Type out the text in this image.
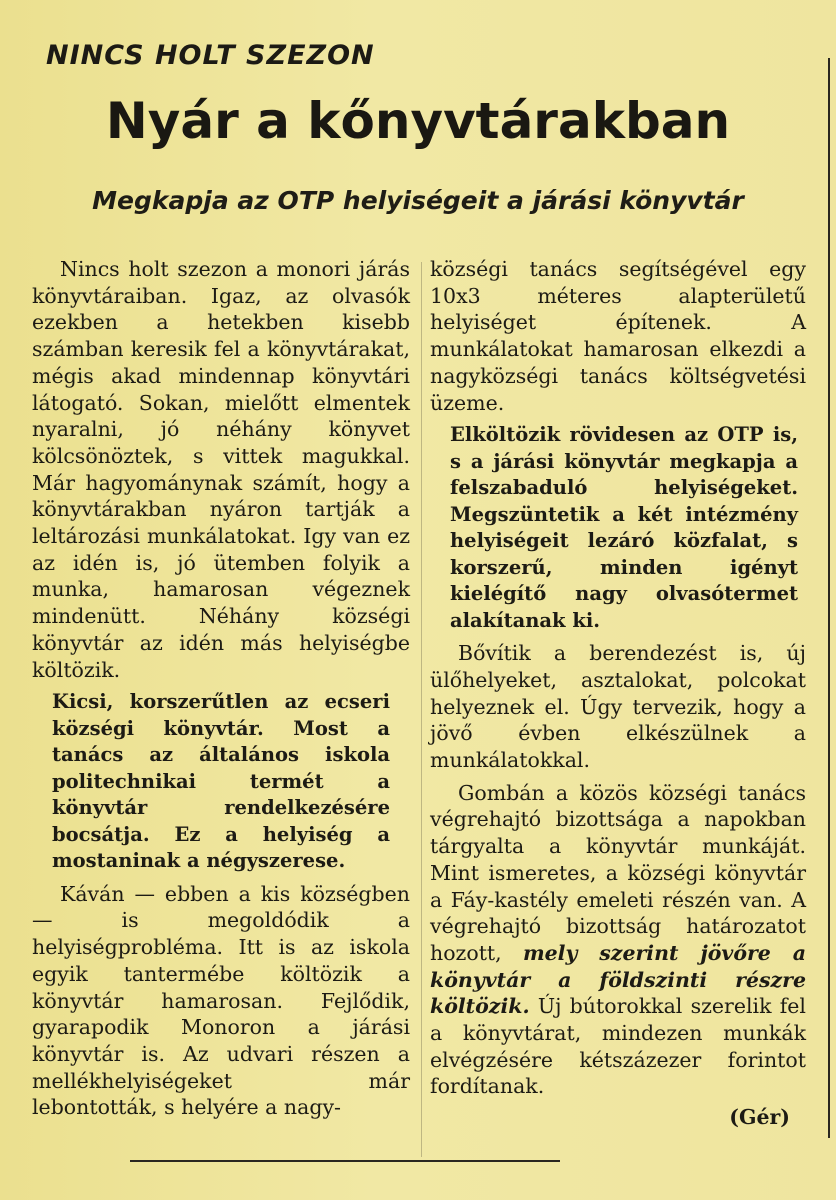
NINCS HOLT SZEZON
Nyár a kőnyvtárakban
Megkapja az OTP helyiségeit a járási könyvtár

Nincs holt szezon a monori járás könyvtáraiban. Igaz, az olvasók ezekben a hetekben kisebb számban keresik fel a könyvtárakat, mégis akad mindennap könyvtári látogató. Sokan, mielőtt elmentek nyaralni, jó néhány könyvet kölcsönöztek, s vittek magukkal. Már hagyománynak számít, hogy a könyvtárakban nyáron tartják a leltározási munkálatokat. Igy van ez az idén is, jó ütemben folyik a munka, hamarosan végeznek mindenütt. Néhány községi könyvtár az idén más helyiségbe költözik.

Kicsi, korszerűtlen az ecseri községi könyvtár. Most a tanács az általános iskola politechnikai termét a könyvtár rendelkezésére bocsátja. Ez a helyiség a mostaninak a négyszerese.

Káván — ebben a kis községben — is megoldódik a helyiségprobléma. Itt is az iskola egyik tantermébe költözik a könyvtár hamarosan. Fejlődik, gyarapodik Monoron a járási könyvtár is. Az udvari részen a mellékhelyiségeket már lebontották, s helyére a nagy-

községi tanács segítségével egy 10x3 méteres alapterületű helyiséget építenek. A munkálatokat hamarosan elkezdi a nagyközségi tanács költségvetési üzeme.

Elköltözik rövidesen az OTP is, s a járási könyvtár megkapja a felszabaduló helyiségeket. Megszüntetik a két intézmény helyiségeit lezáró közfalat, s korszerű, minden igényt kielégítő nagy olvasótermet alakítanak ki.

Bővítik a berendezést is, új ülőhelyeket, asztalokat, polcokat helyeznek el. Úgy tervezik, hogy a jövő évben elkészülnek a munkálatokkal.

Gombán a közös községi tanács végrehajtó bizottsága a napokban tárgyalta a könyvtár munkáját. Mint ismeretes, a községi könyvtár a Fáy-kastély emeleti részén van. A végrehajtó bizottság határozatot hozott, mely szerint jövőre a könyvtár a földszinti részre költözik. Új bútorokkal szerelik fel a könyvtárat, mindezen munkák elvégzésére kétszázezer forintot fordítanak.

(Gér)
